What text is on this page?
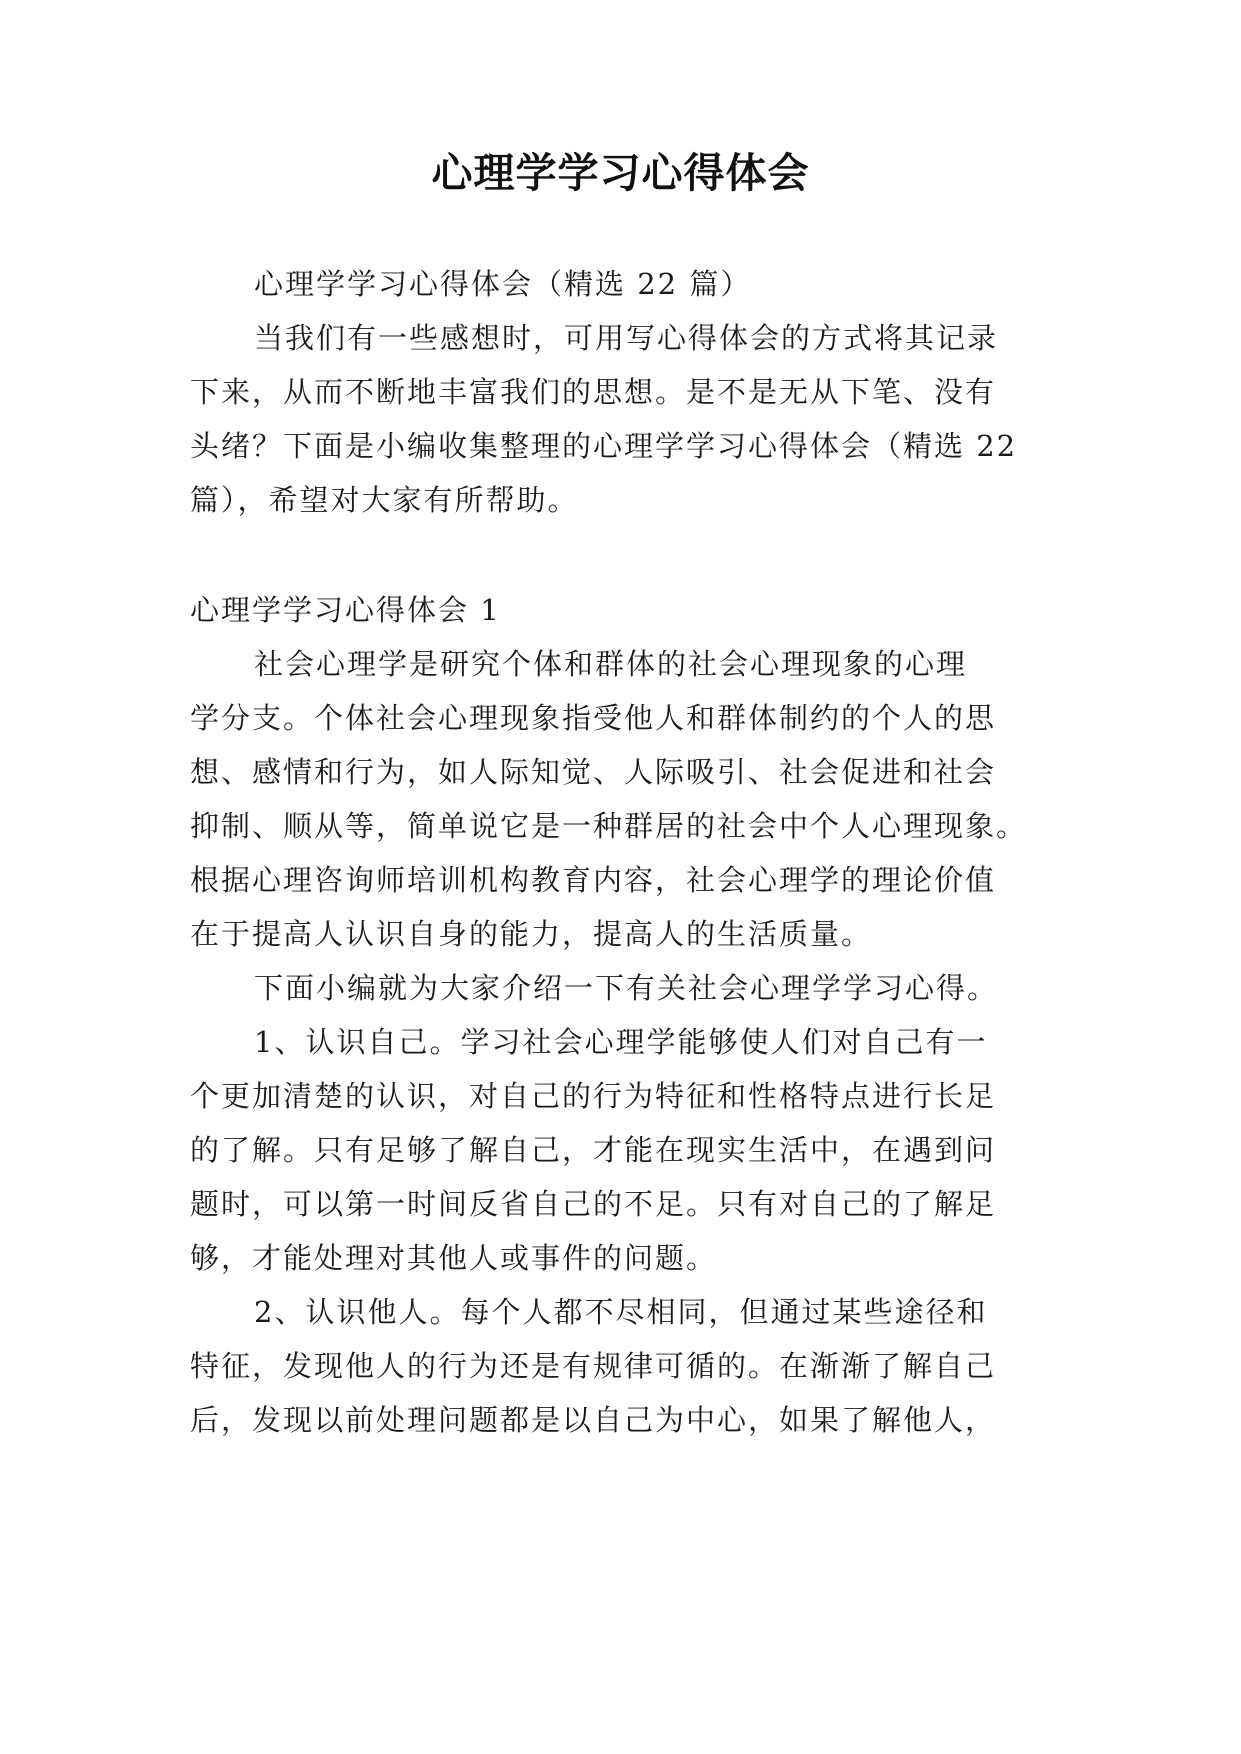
心理学学习心得体会
心理学学习心得体会（精选 22 篇）
当我们有一些感想时，可用写心得体会的方式将其记录
下来，从而不断地丰富我们的思想。是不是无从下笔、没有
头绪？下面是小编收集整理的心理学学习心得体会（精选 22
篇），希望对大家有所帮助。
心理学学习心得体会 1
社会心理学是研究个体和群体的社会心理现象的心理
学分支。个体社会心理现象指受他人和群体制约的个人的思
想、感情和行为，如人际知觉、人际吸引、社会促进和社会
抑制、顺从等，简单说它是一种群居的社会中个人心理现象。
根据心理咨询师培训机构教育内容，社会心理学的理论价值
在于提高人认识自身的能力，提高人的生活质量。
下面小编就为大家介绍一下有关社会心理学学习心得。
1、认识自己。学习社会心理学能够使人们对自己有一
个更加清楚的认识，对自己的行为特征和性格特点进行长足
的了解。只有足够了解自己，才能在现实生活中，在遇到问
题时，可以第一时间反省自己的不足。只有对自己的了解足
够，才能处理对其他人或事件的问题。
2、认识他人。每个人都不尽相同，但通过某些途径和
特征，发现他人的行为还是有规律可循的。在渐渐了解自己
后，发现以前处理问题都是以自己为中心，如果了解他人，
